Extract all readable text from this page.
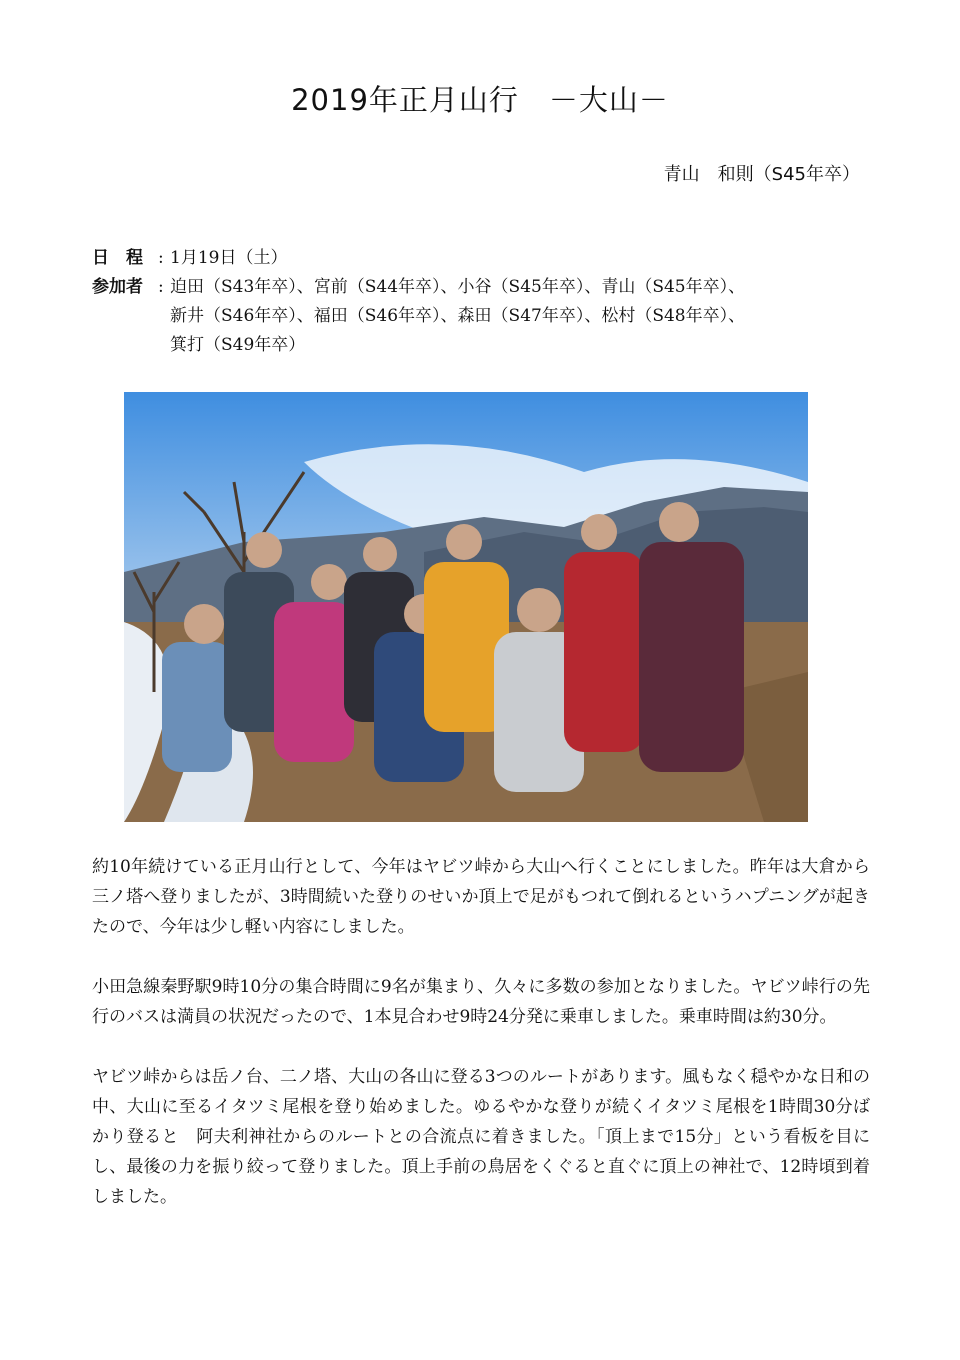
2019年正月山行　－大山－
青山　和則（S45年卒）
日　程 : 1月19日（土）
参加者 : 迫田（S43年卒）、宮前（S44年卒）、小谷（S45年卒）、青山（S45年卒）、
新井（S46年卒）、福田（S46年卒）、森田（S47年卒）、松村（S48年卒）、
箕打（S49年卒）

約10年続けている正月山行として、今年はヤビツ峠から大山へ行くことにしました。昨年は大倉から三ノ塔へ登りましたが、3時間続いた登りのせいか頂上で足がもつれて倒れるというハプニングが起きたので、今年は少し軽い内容にしました。

小田急線秦野駅9時10分の集合時間に9名が集まり、久々に多数の参加となりました。ヤビツ峠行の先行のバスは満員の状況だったので、1本見合わせ9時24分発に乗車しました。乗車時間は約30分。

ヤビツ峠からは岳ノ台、二ノ塔、大山の各山に登る3つのルートがあります。風もなく穏やかな日和の中、大山に至るイタツミ尾根を登り始めました。ゆるやかな登りが続くイタツミ尾根を1時間30分ばかり登ると　阿夫利神社からのルートとの合流点に着きました。「頂上まで15分」という看板を目にし、最後の力を振り絞って登りました。頂上手前の鳥居をくぐると直ぐに頂上の神社で、12時頃到着しました。
